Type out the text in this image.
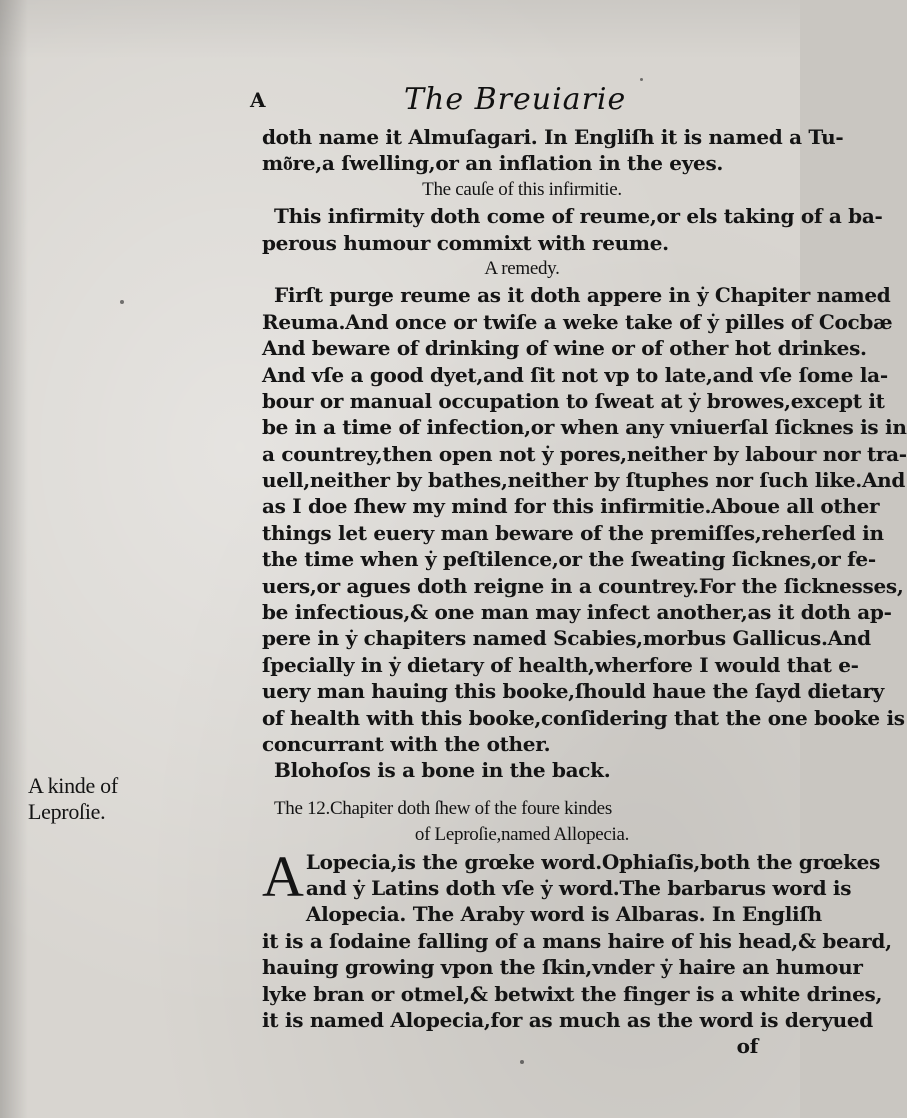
A	The Breuiarie
doth name it Almuſagari. In Engliſh it is named a Tu-
mo͂re,a ſwelling,or an inflation in the eyes.
The cauſe of this infirmitie.
This infirmity doth come of reume,or els taking of a ba-
perous humour commixt with reume.
A remedy.
Firſt purge reume as it doth appere in ẏ Chapiter named
Reuma.And once or twiſe a weke take of ẏ pilles of Cocbæ
And beware of drinking of wine or of other hot drinkes.
And vſe a good dyet,and ſit not vp to late,and vſe ſome la-
bour or manual occupation to ſweat at ẏ browes,except it
be in a time of infection,or when any vniuerſal ſicknes is in
a countrey,then open not ẏ pores,neither by labour nor tra-
uell,neither by bathes,neither by ſtuphes nor ſuch like.And
as I doe ſhew my mind for this infirmitie.Aboue all other
things let euery man beware of the premiſſes,reherſed in
the time when ẏ peſtilence,or the ſweating ſicknes,or fe-
uers,or agues doth reigne in a countrey.For the ſicknesses,
be infectious,& one man may infect another,as it doth ap-
pere in ẏ chapiters named Scabies,morbus Gallicus.And
ſpecially in ẏ dietary of health,wherfore I would that e-
uery man hauing this booke,ſhould haue the ſayd dietary
of health with this booke,conſidering that the one booke is
concurrant with the other.
Blohoſos is a bone in the back.
The 12.Chapiter doth ſhew of the foure kindes
of Leproſie,named Allopecia.
A Lopecia,is the grœke word.Ophiaſis,both the grœkes
and ẏ Latins doth vſe ẏ word.The barbarus word is
Alopecia. The Araby word is Albaras. In Engliſh
it is a ſodaine falling of a mans haire of his head,& beard,
hauing growing vpon the ſkin,vnder ẏ haire an humour
lyke bran or otmel,& betwixt the finger is a white drines,
it is named Alopecia,for as much as the word is deryued
of
A kinde of
Leproſie.
